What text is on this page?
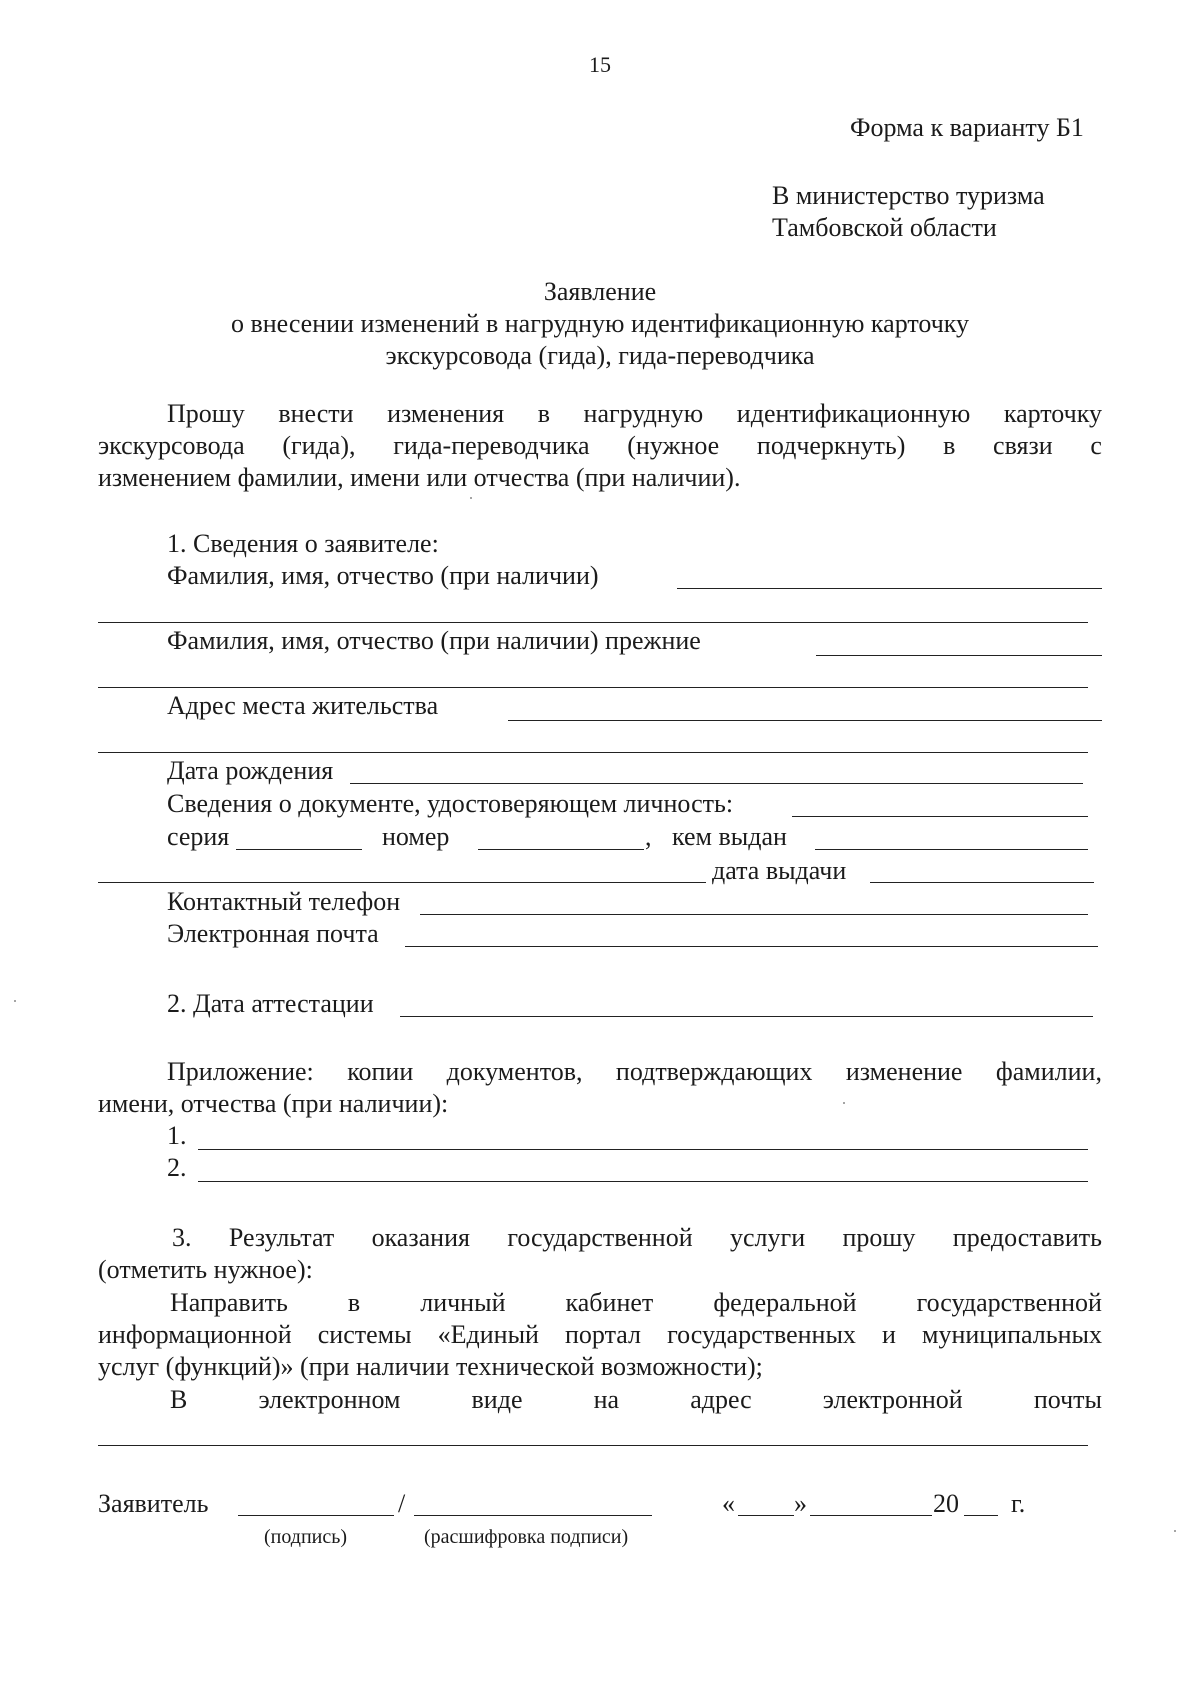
15
Форма к варианту Б1
В министерство туризма
Тамбовской области
Заявление
о внесении изменений в нагрудную идентификационную карточку
экскурсовода (гида), гида-переводчика
Прошу внести изменения в нагрудную идентификационную карточку
экскурсовода (гида), гида-переводчика (нужное подчеркнуть) в связи с
изменением фамилии, имени или отчества (при наличии).
1. Сведения о заявителе:
Фамилия, имя, отчество (при наличии)
Фамилия, имя, отчество (при наличии) прежние
Адрес места жительства
Дата рождения
Сведения о документе, удостоверяющем личность:
серия	номер	, кем выдан
дата выдачи
Контактный телефон
Электронная почта
2. Дата аттестации
Приложение: копии документов, подтверждающих изменение фамилии,
имени, отчества (при наличии):
1.
2.
3. Результат оказания государственной услуги прошу предоставить
(отметить нужное):
Направить в личный кабинет федеральной государственной
информационной системы «Единый портал государственных и муниципальных
услуг (функций)» (при наличии технической возможности);
В	электронном	виде	на	адрес	электронной	почты
Заявитель	/	« »	20 г.
(подпись)	(расшифровка подписи)
